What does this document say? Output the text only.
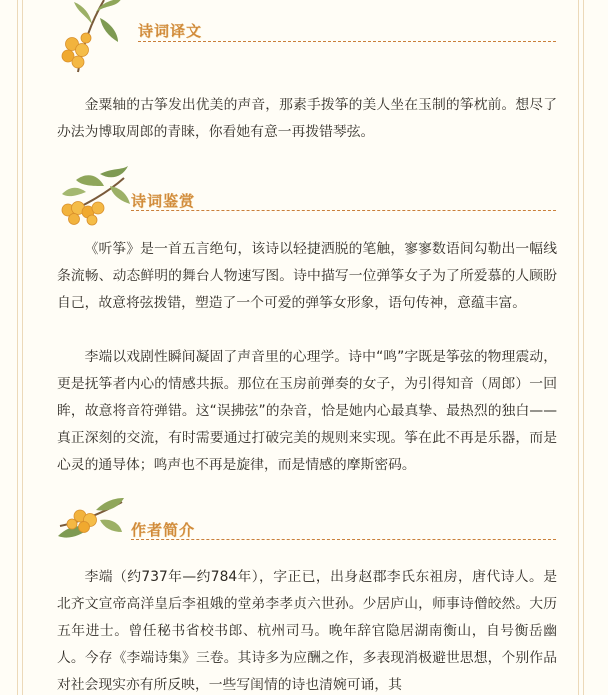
诗词译文

金粟轴的古筝发出优美的声音，那素手拨筝的美人坐在玉制的筝枕前。想尽了办法为博取周郎的青睐，你看她有意一再拨错琴弦。

诗词鉴赏

《听筝》是一首五言绝句，该诗以轻捷洒脱的笔触，寥寥数语间勾勒出一幅线条流畅、动态鲜明的舞台人物速写图。诗中描写一位弹筝女子为了所爱慕的人顾盼自己，故意将弦拨错，塑造了一个可爱的弹筝女形象，语句传神，意蕴丰富。

李端以戏剧性瞬间凝固了声音里的心理学。诗中“鸣”字既是筝弦的物理震动，更是抚筝者内心的情感共振。那位在玉房前弹奏的女子，为引得知音（周郎）一回眸，故意将音符弹错。这“误拂弦”的杂音，恰是她内心最真挚、最热烈的独白——真正深刻的交流，有时需要通过打破完美的规则来实现。筝在此不再是乐器，而是心灵的通导体；鸣声也不再是旋律，而是情感的摩斯密码。

作者简介

李端（约737年—约784年），字正已，出身赵郡李氏东祖房，唐代诗人。是北齐文宣帝高洋皇后李祖娥的堂弟李孝贞六世孙。少居庐山，师事诗僧皎然。大历五年进士。曾任秘书省校书郎、杭州司马。晚年辞官隐居湖南衡山，自号衡岳幽人。今存《李端诗集》三卷。其诗多为应酬之作，多表现消极避世思想，个别作品对社会现实亦有所反映，一些写闺情的诗也清婉可诵，其
